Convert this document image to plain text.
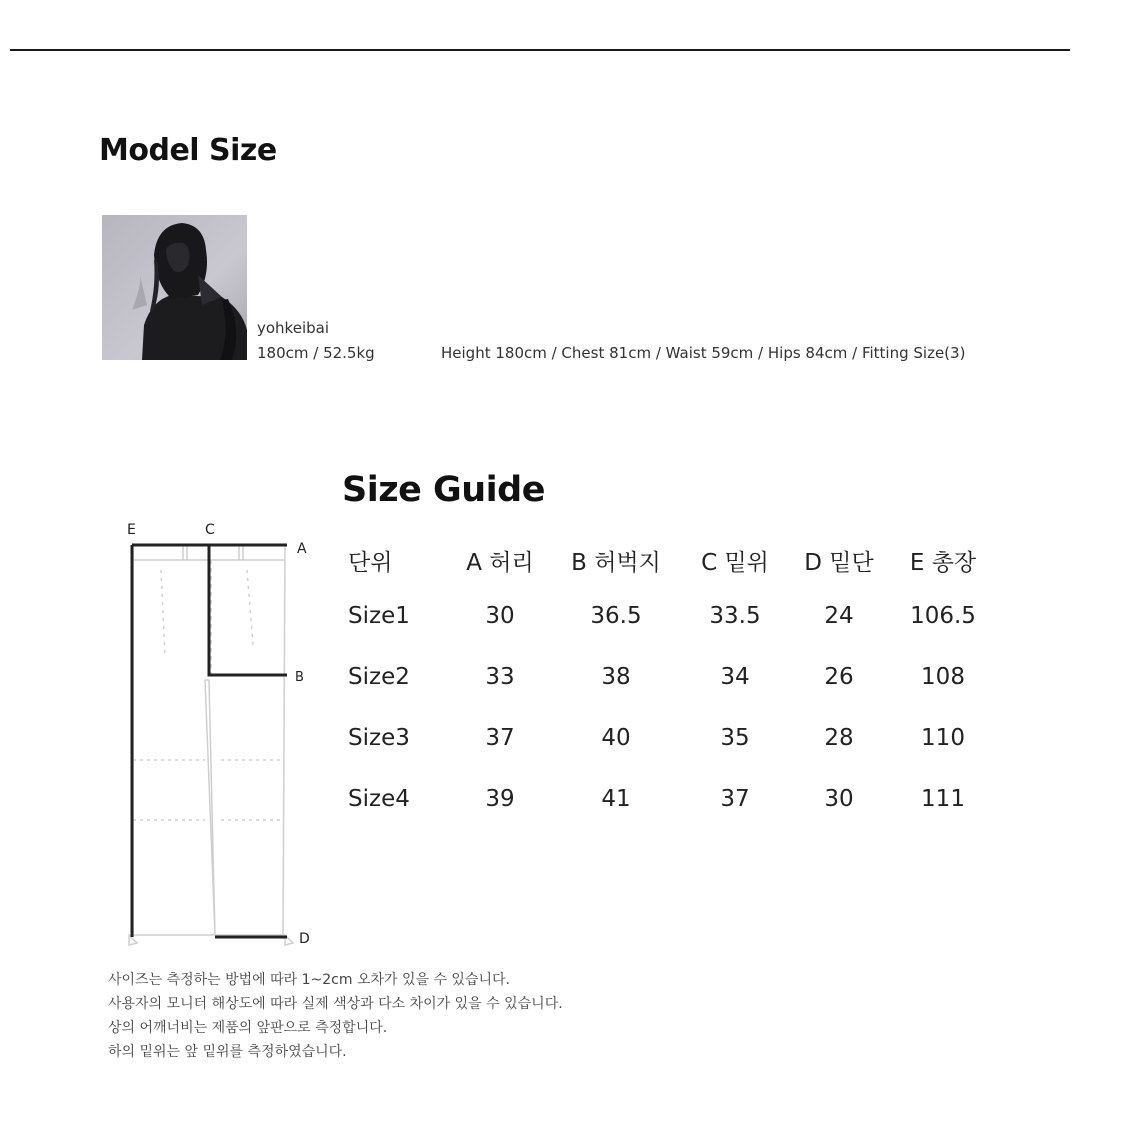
Model Size
yohkeibai
180cm / 52.5kg	Height 180cm / Chest 81cm / Waist 59cm / Hips 84cm / Fitting Size(3)
Size Guide
E	C
A
B
D
단위	A 허리	B 허벅지	C 밑위	D 밑단	E 총장
Size1	30	36.5	33.5	24	106.5
Size2	33	38	34	26	108
Size3	37	40	35	28	110
Size4	39	41	37	30	111
사이즈는 측정하는 방법에 따라 1~2cm 오차가 있을 수 있습니다.
사용자의 모니터 해상도에 따라 실제 색상과 다소 차이가 있을 수 있습니다.
상의 어깨너비는 제품의 앞판으로 측정합니다.
하의 밑위는 앞 밑위를 측정하였습니다.
